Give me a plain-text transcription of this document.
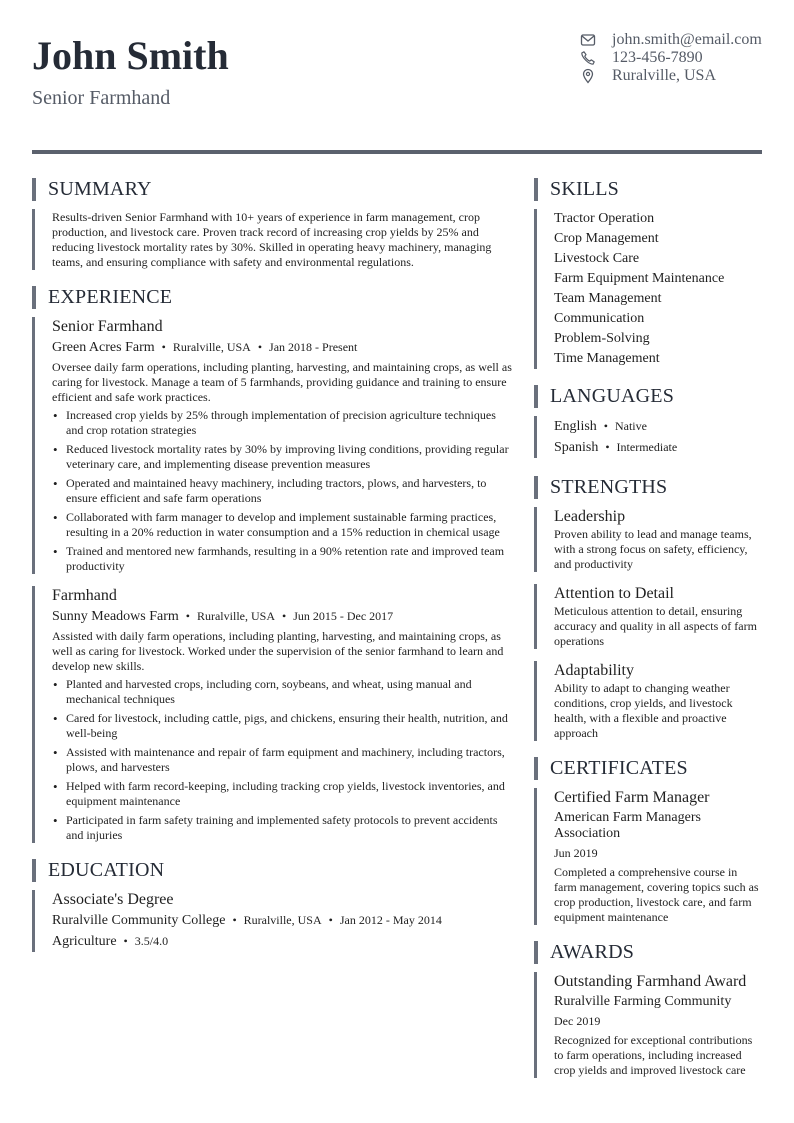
John Smith
Senior Farmhand
john.smith@email.com
123-456-7890
Ruralville, USA
SUMMARY
Results-driven Senior Farmhand with 10+ years of experience in farm management, crop production, and livestock care. Proven track record of increasing crop yields by 25% and reducing livestock mortality rates by 30%. Skilled in operating heavy machinery, managing teams, and ensuring compliance with safety and environmental regulations.
EXPERIENCE
Senior Farmhand
Green Acres Farm • Ruralville, USA • Jan 2018 - Present
Oversee daily farm operations, including planting, harvesting, and maintaining crops, as well as caring for livestock. Manage a team of 5 farmhands, providing guidance and training to ensure efficient and safe work practices.
• Increased crop yields by 25% through implementation of precision agriculture techniques and crop rotation strategies
• Reduced livestock mortality rates by 30% by improving living conditions, providing regular veterinary care, and implementing disease prevention measures
• Operated and maintained heavy machinery, including tractors, plows, and harvesters, to ensure efficient and safe farm operations
• Collaborated with farm manager to develop and implement sustainable farming practices, resulting in a 20% reduction in water consumption and a 15% reduction in chemical usage
• Trained and mentored new farmhands, resulting in a 90% retention rate and improved team productivity
Farmhand
Sunny Meadows Farm • Ruralville, USA • Jun 2015 - Dec 2017
Assisted with daily farm operations, including planting, harvesting, and maintaining crops, as well as caring for livestock. Worked under the supervision of the senior farmhand to learn and develop new skills.
• Planted and harvested crops, including corn, soybeans, and wheat, using manual and mechanical techniques
• Cared for livestock, including cattle, pigs, and chickens, ensuring their health, nutrition, and well-being
• Assisted with maintenance and repair of farm equipment and machinery, including tractors, plows, and harvesters
• Helped with farm record-keeping, including tracking crop yields, livestock inventories, and equipment maintenance
• Participated in farm safety training and implemented safety protocols to prevent accidents and injuries
EDUCATION
Associate's Degree
Ruralville Community College • Ruralville, USA • Jan 2012 - May 2014
Agriculture • 3.5/4.0
SKILLS
Tractor Operation
Crop Management
Livestock Care
Farm Equipment Maintenance
Team Management
Communication
Problem-Solving
Time Management
LANGUAGES
English • Native
Spanish • Intermediate
STRENGTHS
Leadership
Proven ability to lead and manage teams, with a strong focus on safety, efficiency, and productivity
Attention to Detail
Meticulous attention to detail, ensuring accuracy and quality in all aspects of farm operations
Adaptability
Ability to adapt to changing weather conditions, crop yields, and livestock health, with a flexible and proactive approach
CERTIFICATES
Certified Farm Manager
American Farm Managers Association
Jun 2019
Completed a comprehensive course in farm management, covering topics such as crop production, livestock care, and farm equipment maintenance
AWARDS
Outstanding Farmhand Award
Ruralville Farming Community
Dec 2019
Recognized for exceptional contributions to farm operations, including increased crop yields and improved livestock care
